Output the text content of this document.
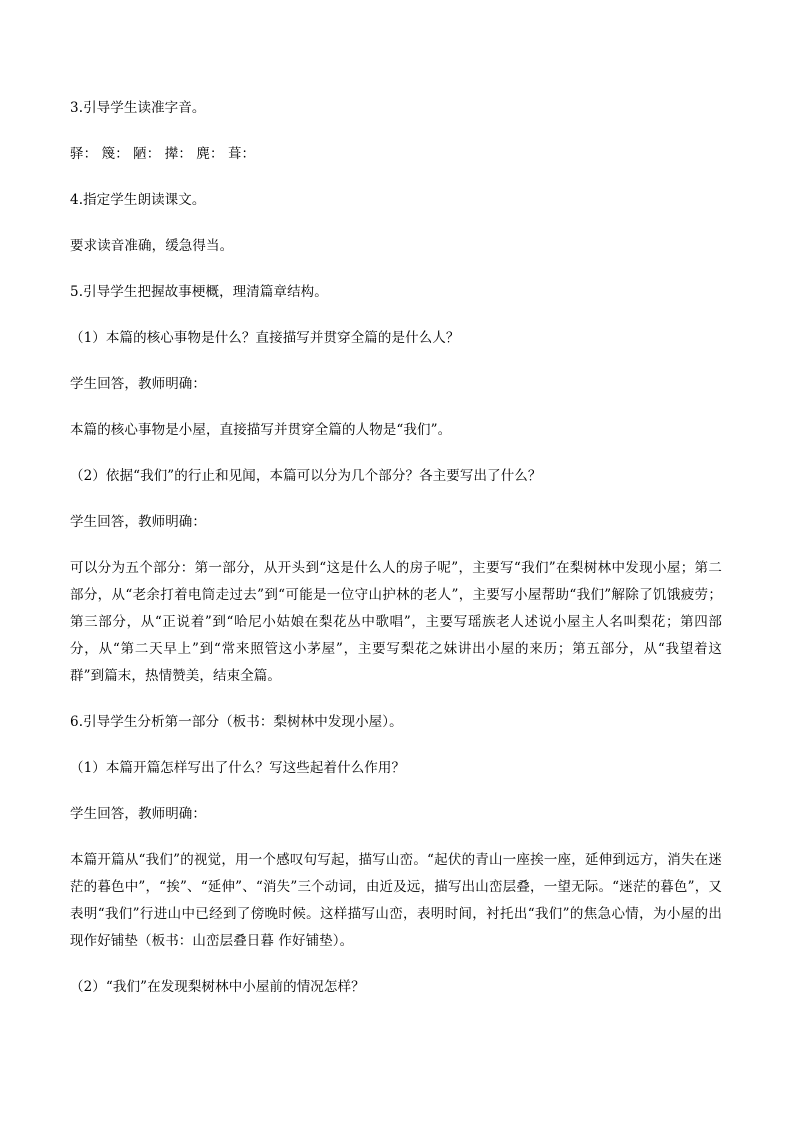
3.引导学生读准字音。

驿： 篾： 陋： 撵： 麂： 葺：

4.指定学生朗读课文。

要求读音准确，缓急得当。

5.引导学生把握故事梗概，理清篇章结构。

（1）本篇的核心事物是什么？直接描写并贯穿全篇的是什么人？

学生回答，教师明确：

本篇的核心事物是小屋，直接描写并贯穿全篇的人物是“我们”。

（2）依据“我们”的行止和见闻，本篇可以分为几个部分？各主要写出了什么？

学生回答，教师明确：

可以分为五个部分：第一部分，从开头到“这是什么人的房子呢”，主要写“我们”在梨树林中发现小屋；第二部分，从“老余打着电筒走过去”到“可能是一位守山护林的老人”，主要写小屋帮助“我们”解除了饥饿疲劳；第三部分，从“正说着”到“哈尼小姑娘在梨花丛中歌唱”，主要写瑶族老人述说小屋主人名叫梨花；第四部分，从“第二天早上”到“常来照管这小茅屋”，主要写梨花之妹讲出小屋的来历；第五部分，从“我望着这群”到篇末，热情赞美，结束全篇。

6.引导学生分析第一部分（板书：梨树林中发现小屋）。

（1）本篇开篇怎样写出了什么？写这些起着什么作用？

学生回答，教师明确：

本篇开篇从“我们”的视觉，用一个感叹句写起，描写山峦。“起伏的青山一座挨一座，延伸到远方，消失在迷茫的暮色中”，“挨”、“延伸”、“消失”三个动词，由近及远，描写出山峦层叠，一望无际。“迷茫的暮色”，又表明“我们”行进山中已经到了傍晚时候。这样描写山峦，表明时间，衬托出“我们”的焦急心情，为小屋的出现作好铺垫（板书：山峦层叠日暮 作好铺垫）。

（2）“我们”在发现梨树林中小屋前的情况怎样？
